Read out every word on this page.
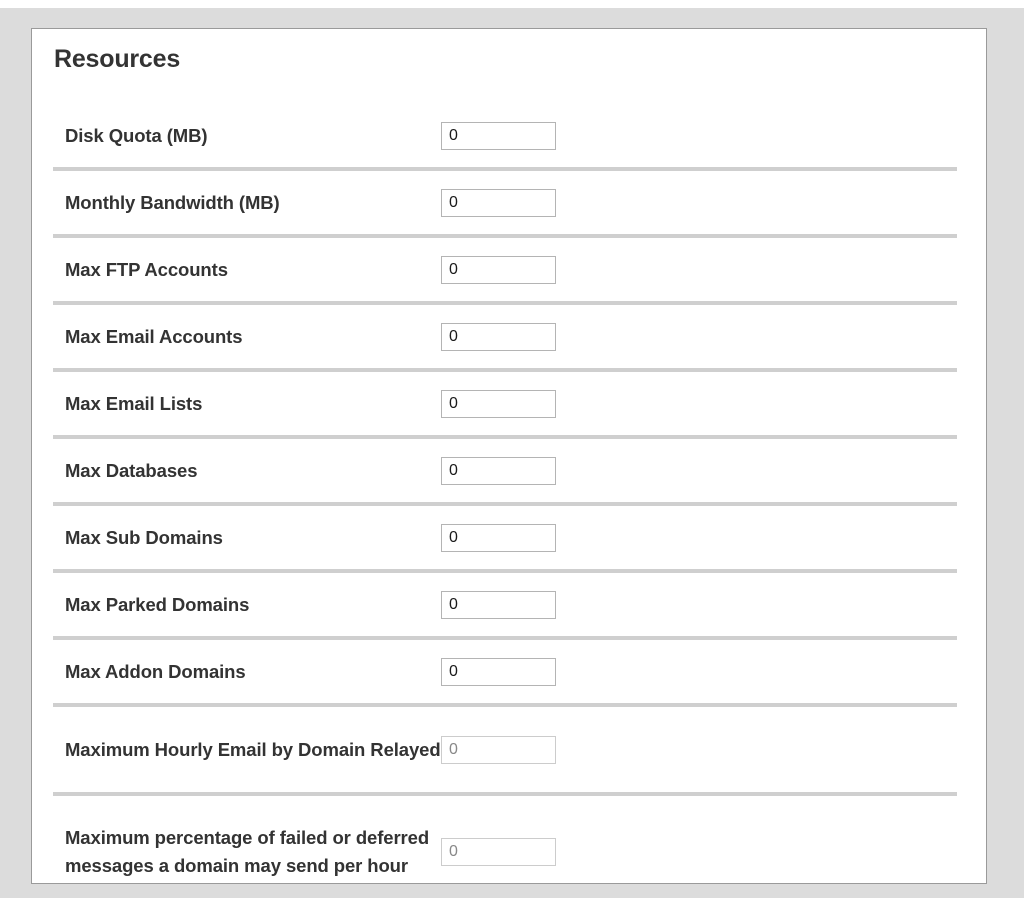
Resources
Disk Quota (MB)
0
Monthly Bandwidth (MB)
0
Max FTP Accounts
0
Max Email Accounts
0
Max Email Lists
0
Max Databases
0
Max Sub Domains
0
Max Parked Domains
0
Max Addon Domains
0
Maximum Hourly Email by Domain Relayed
0
Maximum percentage of failed or deferred messages a domain may send per hour
0
